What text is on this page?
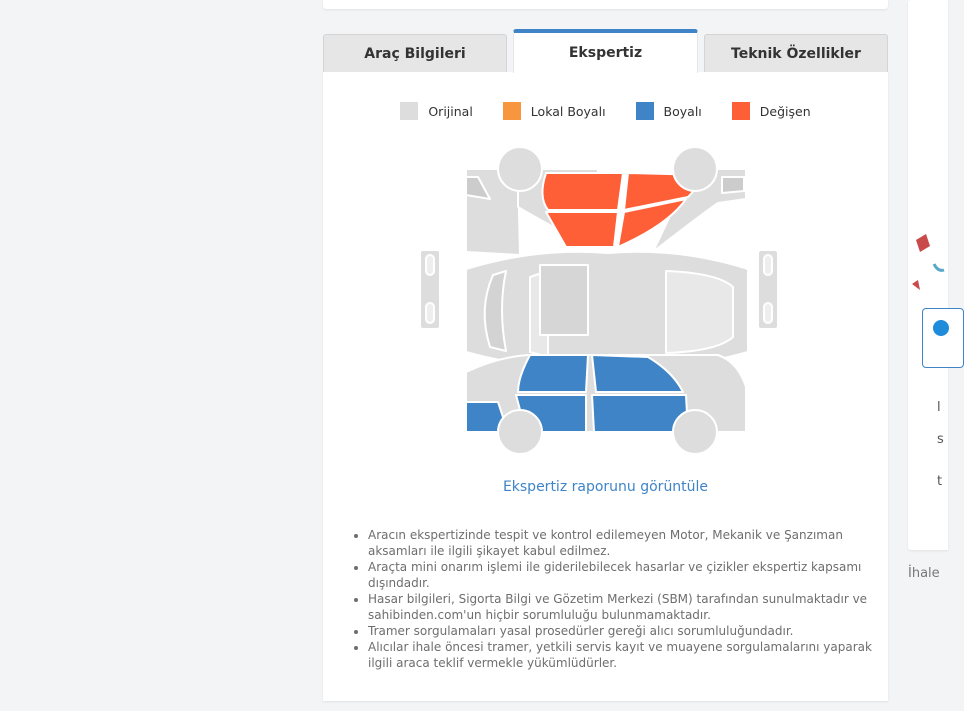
l
s
t
İhale
Araç Bilgileri	Ekspertiz	Teknik Özellikler
Orijinal	Lokal Boyalı	Boyalı	Değişen
Ekspertiz raporunu görüntüle
• Aracın ekspertizinde tespit ve kontrol edilemeyen Motor, Mekanik ve Şanzıman aksamları ile ilgili şikayet kabul edilmez.
• Araçta mini onarım işlemi ile giderilebilecek hasarlar ve çizikler ekspertiz kapsamı dışındadır.
• Hasar bilgileri, Sigorta Bilgi ve Gözetim Merkezi (SBM) tarafından sunulmaktadır ve sahibinden.com'un hiçbir sorumluluğu bulunmamaktadır.
• Tramer sorgulamaları yasal prosedürler gereği alıcı sorumluluğundadır.
• Alıcılar ihale öncesi tramer, yetkili servis kayıt ve muayene sorgulamalarını yaparak ilgili araca teklif vermekle yükümlüdürler.
